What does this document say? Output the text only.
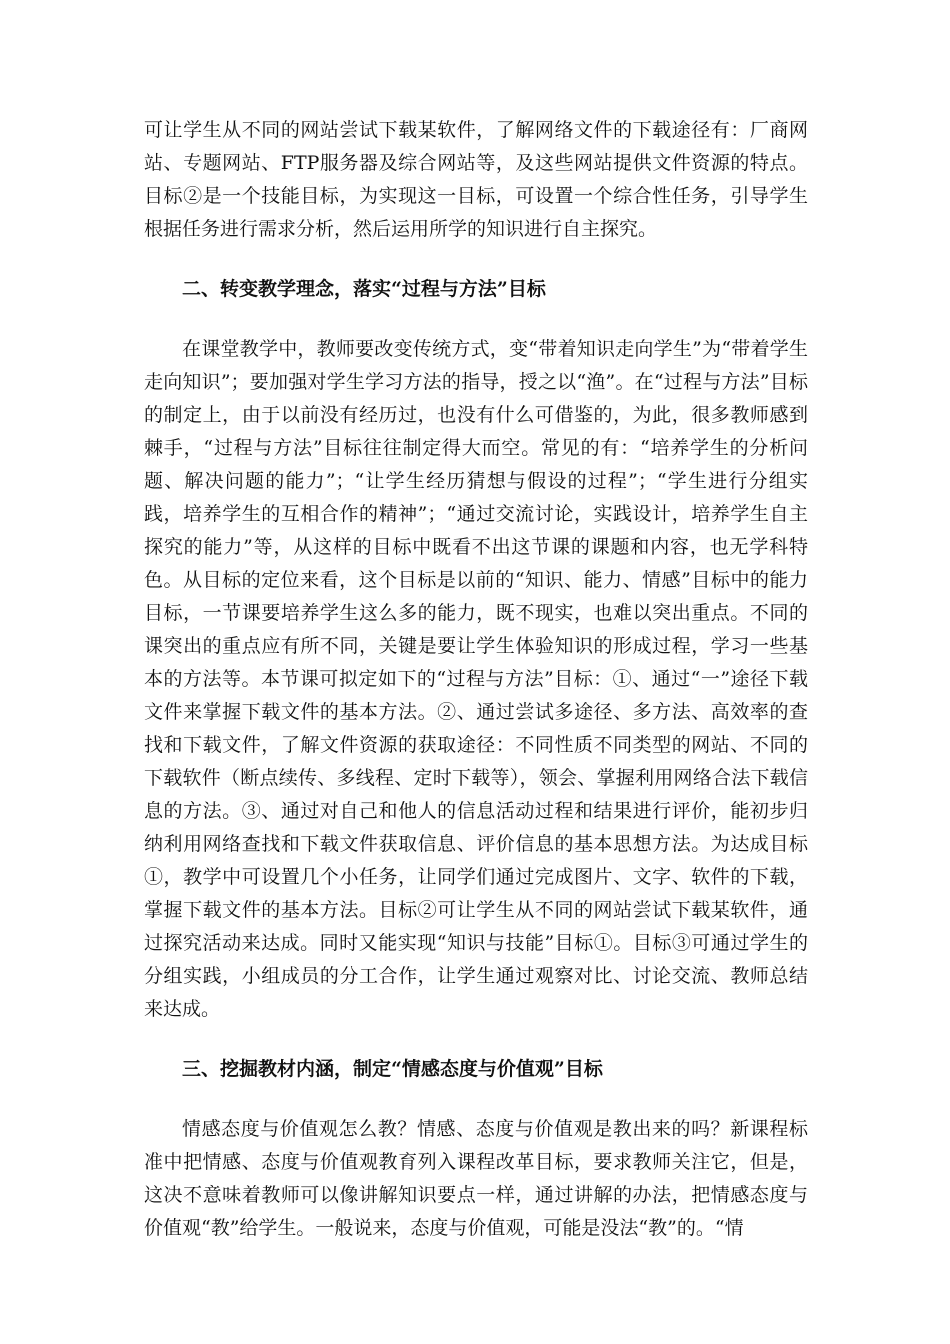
可让学生从不同的网站尝试下载某软件，了解网络文件的下载途径有：厂商网站、专题网站、FTP服务器及综合网站等，及这些网站提供文件资源的特点。目标②是一个技能目标，为实现这一目标，可设置一个综合性任务，引导学生根据任务进行需求分析，然后运用所学的知识进行自主探究。

二、转变教学理念，落实“过程与方法”目标

在课堂教学中，教师要改变传统方式，变“带着知识走向学生”为“带着学生走向知识”；要加强对学生学习方法的指导，授之以“渔”。在“过程与方法”目标的制定上，由于以前没有经历过，也没有什么可借鉴的，为此，很多教师感到棘手，“过程与方法”目标往往制定得大而空。常见的有：“培养学生的分析问题、解决问题的能力”；“让学生经历猜想与假设的过程”；“学生进行分组实践，培养学生的互相合作的精神”；“通过交流讨论，实践设计，培养学生自主探究的能力”等，从这样的目标中既看不出这节课的课题和内容，也无学科特色。从目标的定位来看，这个目标是以前的“知识、能力、情感”目标中的能力目标，一节课要培养学生这么多的能力，既不现实，也难以突出重点。不同的课突出的重点应有所不同，关键是要让学生体验知识的形成过程，学习一些基本的方法等。本节课可拟定如下的“过程与方法”目标：①、通过“一”途径下载文件来掌握下载文件的基本方法。②、通过尝试多途径、多方法、高效率的查找和下载文件，了解文件资源的获取途径：不同性质不同类型的网站、不同的下载软件（断点续传、多线程、定时下载等），领会、掌握利用网络合法下载信息的方法。③、通过对自己和他人的信息活动过程和结果进行评价，能初步归纳利用网络查找和下载文件获取信息、评价信息的基本思想方法。为达成目标①，教学中可设置几个小任务，让同学们通过完成图片、文字、软件的下载，掌握下载文件的基本方法。目标②可让学生从不同的网站尝试下载某软件，通过探究活动来达成。同时又能实现“知识与技能”目标①。目标③可通过学生的分组实践，小组成员的分工合作，让学生通过观察对比、讨论交流、教师总结来达成。

三、挖掘教材内涵，制定“情感态度与价值观”目标

情感态度与价值观怎么教？情感、态度与价值观是教出来的吗？新课程标准中把情感、态度与价值观教育列入课程改革目标，要求教师关注它，但是，这决不意味着教师可以像讲解知识要点一样，通过讲解的办法，把情感态度与价值观“教”给学生。一般说来，态度与价值观，可能是没法“教”的。“情
